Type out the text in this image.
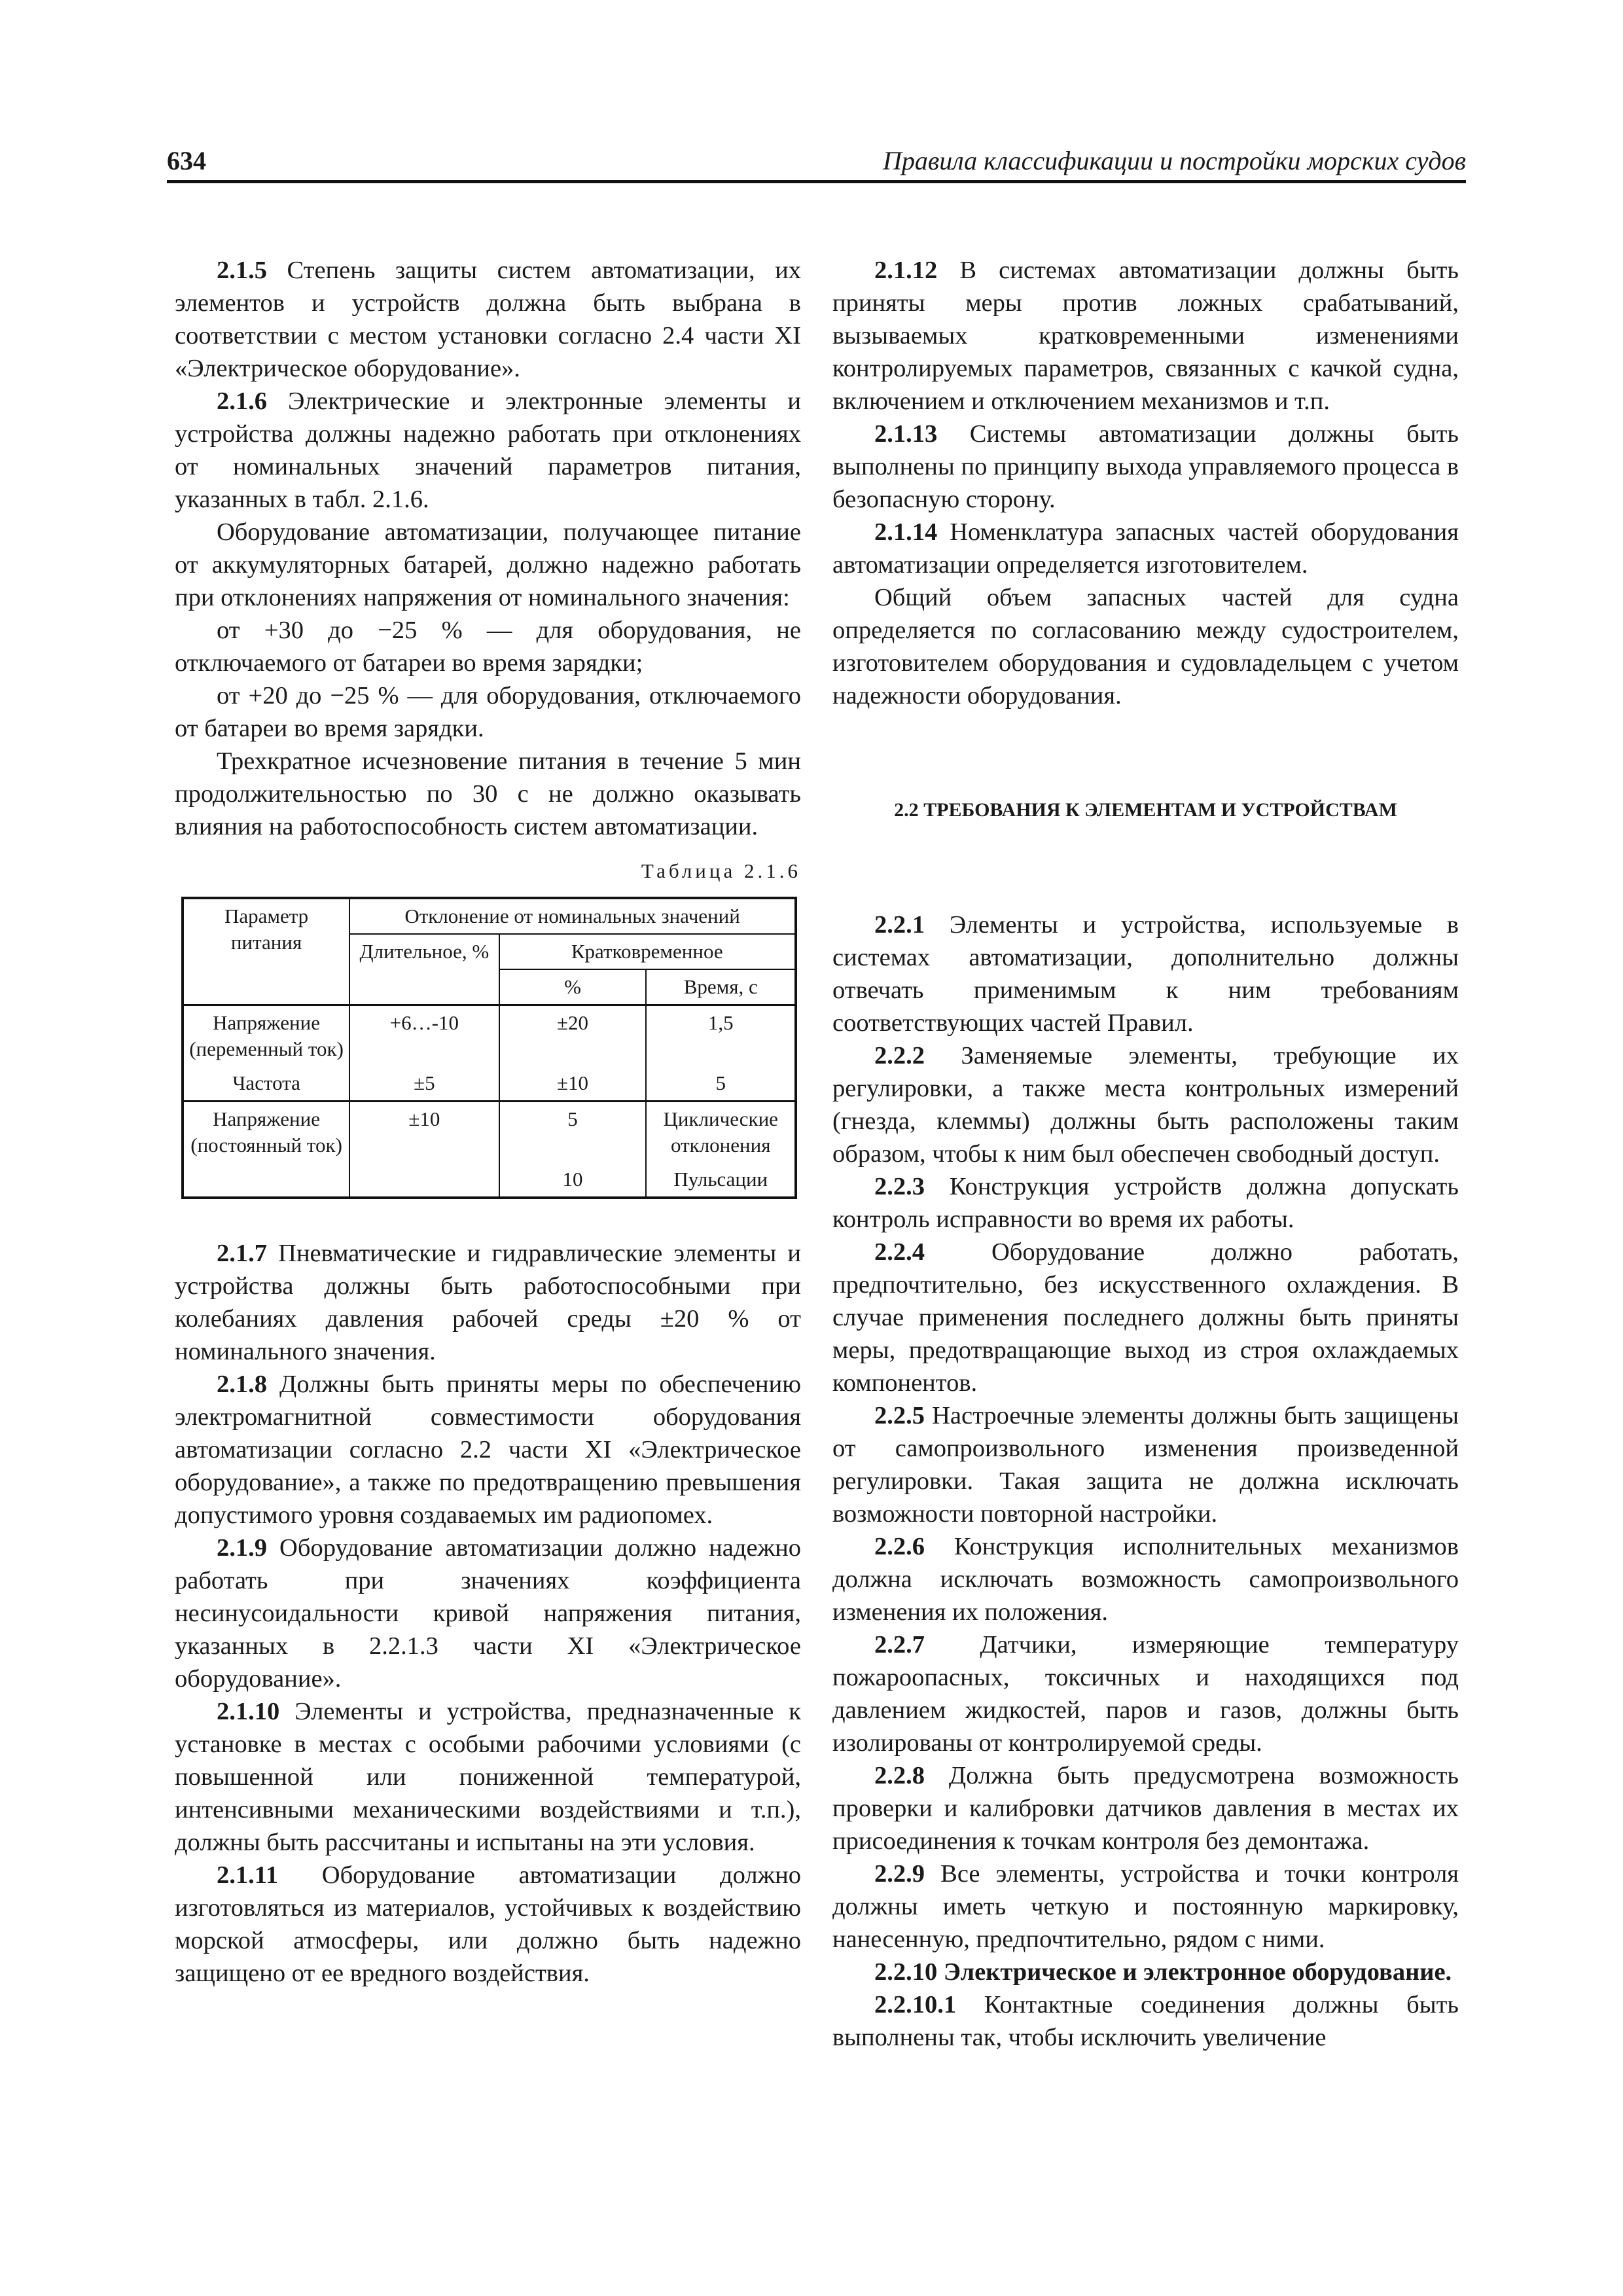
634	Правила классификации и постройки морских судов

2.1.5 Степень защиты систем автоматизации, их элементов и устройств должна быть выбрана в соответствии с местом установки согласно 2.4 части XI «Электрическое оборудование».

2.1.6 Электрические и электронные элементы и устройства должны надежно работать при отклонениях от номинальных значений параметров питания, указанных в табл. 2.1.6.

Оборудование автоматизации, получающее питание от аккумуляторных батарей, должно надежно работать при отклонениях напряжения от номинального значения:

от +30 до −25 % — для оборудования, не отключаемого от батареи во время зарядки;

от +20 до −25 % — для оборудования, отключаемого от батареи во время зарядки.

Трехкратное исчезновение питания в течение 5 мин продолжительностью по 30 с не должно оказывать влияния на работоспособность систем автоматизации.

Таблица 2.1.6

Параметр питания	Отклонение от номинальных значений		
	Длительное, %	Кратковременное	
		%	Время, с
Напряжение (переменный ток)	+6…-10	±20	1,5
Частота	±5	±10	5
Напряжение (постоянный ток)	±10	5	Циклические отклонения
		10	Пульсации

2.1.7 Пневматические и гидравлические элементы и устройства должны быть работоспособными при колебаниях давления рабочей среды ±20 % от номинального значения.

2.1.8 Должны быть приняты меры по обеспечению электромагнитной совместимости оборудования автоматизации согласно 2.2 части XI «Электрическое оборудование», а также по предотвращению превышения допустимого уровня создаваемых им радиопомех.

2.1.9 Оборудование автоматизации должно надежно работать при значениях коэффициента несинусоидальности кривой напряжения питания, указанных в 2.2.1.3 части XI «Электрическое оборудование».

2.1.10 Элементы и устройства, предназначенные к установке в местах с особыми рабочими условиями (с повышенной или пониженной температурой, интенсивными механическими воздействиями и т.п.), должны быть рассчитаны и испытаны на эти условия.

2.1.11 Оборудование автоматизации должно изготовляться из материалов, устойчивых к воздействию морской атмосферы, или должно быть надежно защищено от ее вредного воздействия.

2.1.12 В системах автоматизации должны быть приняты меры против ложных срабатываний, вызываемых кратковременными изменениями контролируемых параметров, связанных с качкой судна, включением и отключением механизмов и т.п.

2.1.13 Системы автоматизации должны быть выполнены по принципу выхода управляемого процесса в безопасную сторону.

2.1.14 Номенклатура запасных частей оборудования автоматизации определяется изготовителем.

Общий объем запасных частей для судна определяется по согласованию между судостроителем, изготовителем оборудования и судовладельцем с учетом надежности оборудования.

2.2 ТРЕБОВАНИЯ К ЭЛЕМЕНТАМ И УСТРОЙСТВАМ

2.2.1 Элементы и устройства, используемые в системах автоматизации, дополнительно должны отвечать применимым к ним требованиям соответствующих частей Правил.

2.2.2 Заменяемые элементы, требующие их регулировки, а также места контрольных измерений (гнезда, клеммы) должны быть расположены таким образом, чтобы к ним был обеспечен свободный доступ.

2.2.3 Конструкция устройств должна допускать контроль исправности во время их работы.

2.2.4 Оборудование должно работать, предпочтительно, без искусственного охлаждения. В случае применения последнего должны быть приняты меры, предотвращающие выход из строя охлаждаемых компонентов.

2.2.5 Настроечные элементы должны быть защищены от самопроизвольного изменения произведенной регулировки. Такая защита не должна исключать возможности повторной настройки.

2.2.6 Конструкция исполнительных механизмов должна исключать возможность самопроизвольного изменения их положения.

2.2.7 Датчики, измеряющие температуру пожароопасных, токсичных и находящихся под давлением жидкостей, паров и газов, должны быть изолированы от контролируемой среды.

2.2.8 Должна быть предусмотрена возможность проверки и калибровки датчиков давления в местах их присоединения к точкам контроля без демонтажа.

2.2.9 Все элементы, устройства и точки контроля должны иметь четкую и постоянную маркировку, нанесенную, предпочтительно, рядом с ними.

2.2.10 Электрическое и электронное оборудование.

2.2.10.1 Контактные соединения должны быть выполнены так, чтобы исключить увеличение
